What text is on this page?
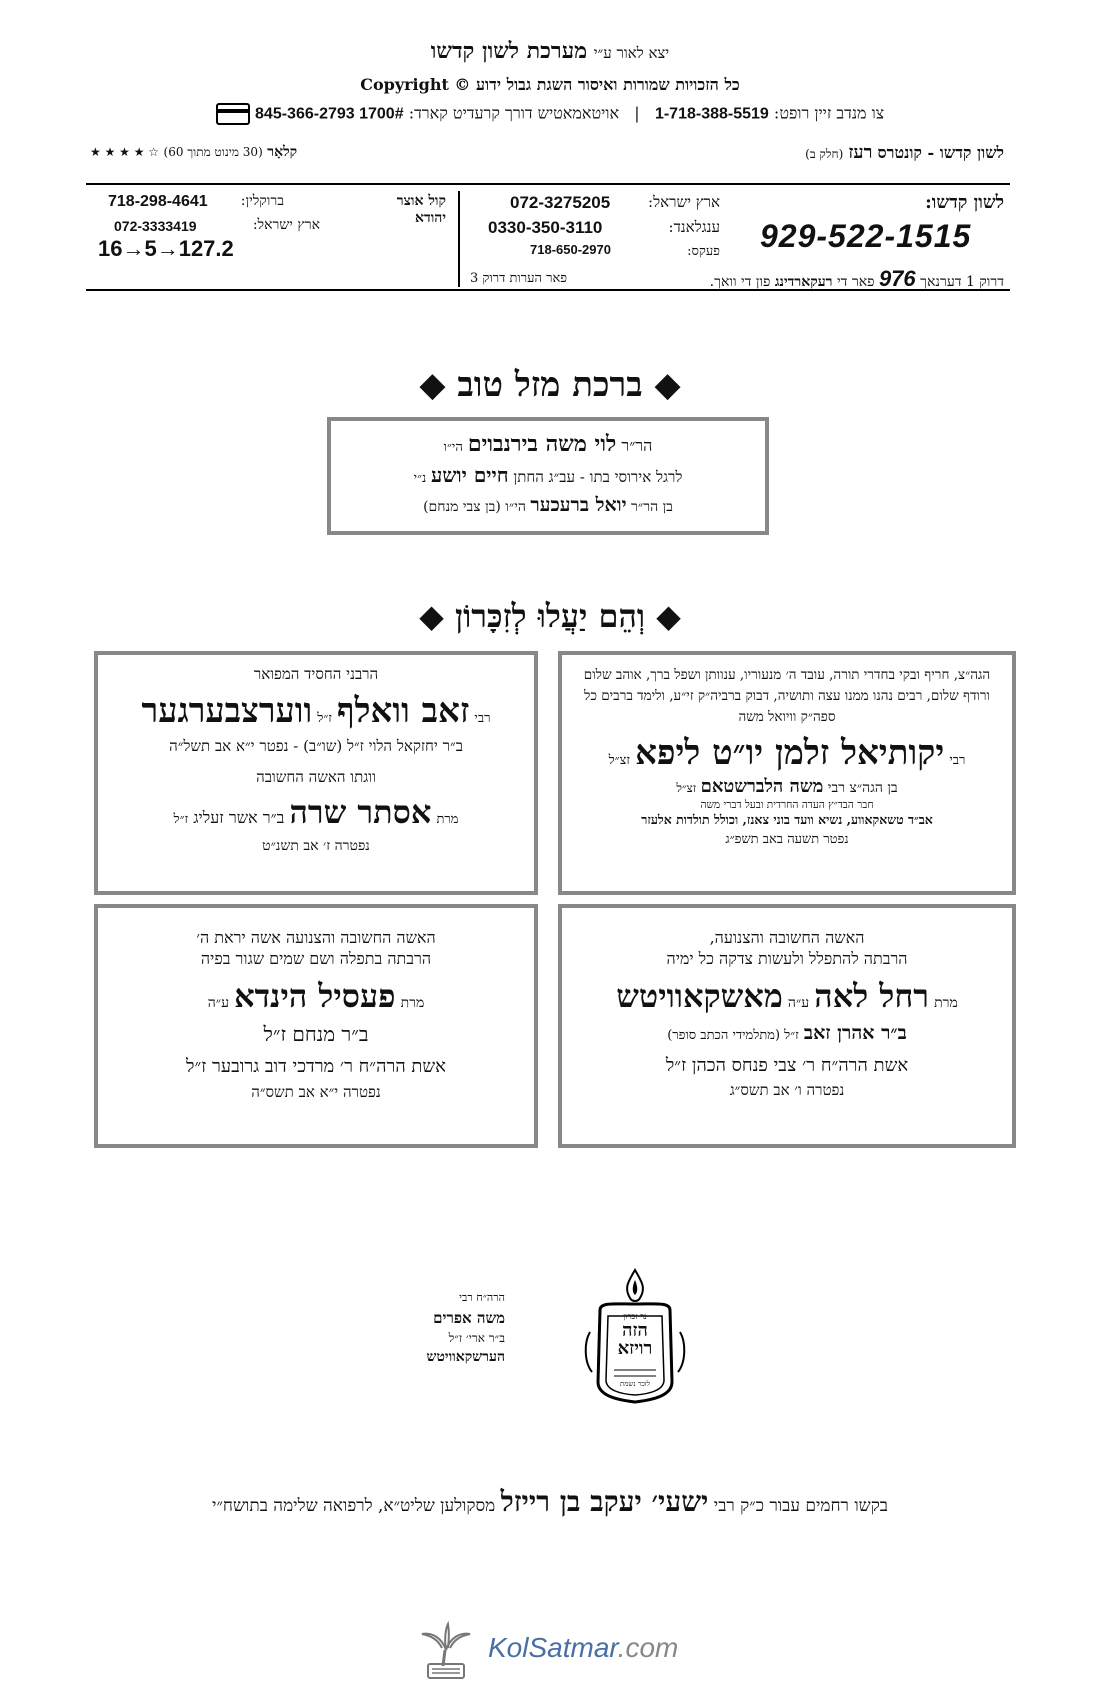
יצא לאור ע״י מערכת לשון קדשו
כל הזכויות שמורות ואיסור השגת גבול ידוע © Copyright
צו מנדב זיין רופט: 1-718-388-5519   |   אויטאמאטיש דורך קרעדיט קארד: 1700# 845-366-2793
לשון קדשו - קונטרס רעז (חלק ב)
קלאָר (30 מינוט מתוך 60) ☆ ★ ★ ★ ★
לשון קדשו:
929-522-1515
ארץ ישראל:
072-3275205
ענגלאנד:
0330-350-3110
פעקס:
718-650-2970
דרוק 1 דערנאך 976 פאר די רעקארדינג פון די וואך.
פאר הערות דרוק 3
קול אוצר יהודא
ברוקלין:
718-298-4641
ארץ ישראל:
072-3333419
16→5→127.2
◆ ברכת מזל טוב ◆
הר״ר לוי משה בירנבוים הי״ו
לרגל אירוסי בתו - עב״ג החתן חיים יושע נ״י
בן הר״ר יואל ברעכער הי״ו (בן צבי מנחם)
◆ וְהֵם יַעֲלוּ לְזִכָּרוֹן ◆
הגה״צ, חריף ובקי בחדרי תורה, עובד ה׳ מנעוריו, ענוותן ושפל ברך, אוהב שלום ורודף שלום, רבים נהנו ממנו עצה ותושיה, דבוק ברביה״ק זי״ע, ולימד ברבים כל ספה״ק וויואל משה
רבי יקותיאל זלמן יו״ט ליפא זצ״ל
בן הגה״צ רבי משה הלברשטאם זצ״ל
חבר הבד״ץ העדה החרדית ובעל דברי משה
אב״ד טשאקאווע, נשיא וועד בוני צאנז, וכולל תולדות אלעזר
נפטר תשעה באב תשפ״ג
הרבני החסיד המפואר
רבי זאב וואלף ז״ל ווערצבערגער
ב״ר יחזקאל הלוי ז״ל (שו״ב) - נפטר י״א אב תשל״ה
ווגתו האשה החשובה
מרת אסתר שרה ב״ר אשר זעליג ז״ל
נפטרה ז׳ אב תשנ״ט
האשה החשובה והצנועה,
הרבתה להתפלל ולעשות צדקה כל ימיה
מרת רחל לאה ע״ה מאשקאוויטש
ב״ר אהרן זאב ז״ל (מתלמידי הכתב סופר)
אשת הרה״ח ר׳ צבי פנחס הכהן ז״ל
נפטרה ו׳ אב תשס״ג
האשה החשובה והצנועה אשה יראת ה׳
הרבתה בתפלה ושם שמים שגור בפיה
מרת פעסיל הינדא ע״ה
ב״ר מנחם ז״ל
אשת הרה״ח ר׳ מרדכי דוב גרובער ז״ל
נפטרה י״א אב תשס״ה
הרה״ח רבי
משה אפרים
ב״ר ארי׳ ז״ל
הערשקאוויטש
נר זכרון
הזה רויזא
לזכר נשמת
בקשו רחמים עבור כ״ק רבי ישעי׳ יעקב בן רייזל מסקולען שליט״א, לרפואה שלימה בתושח״י
KolSatmar.com
